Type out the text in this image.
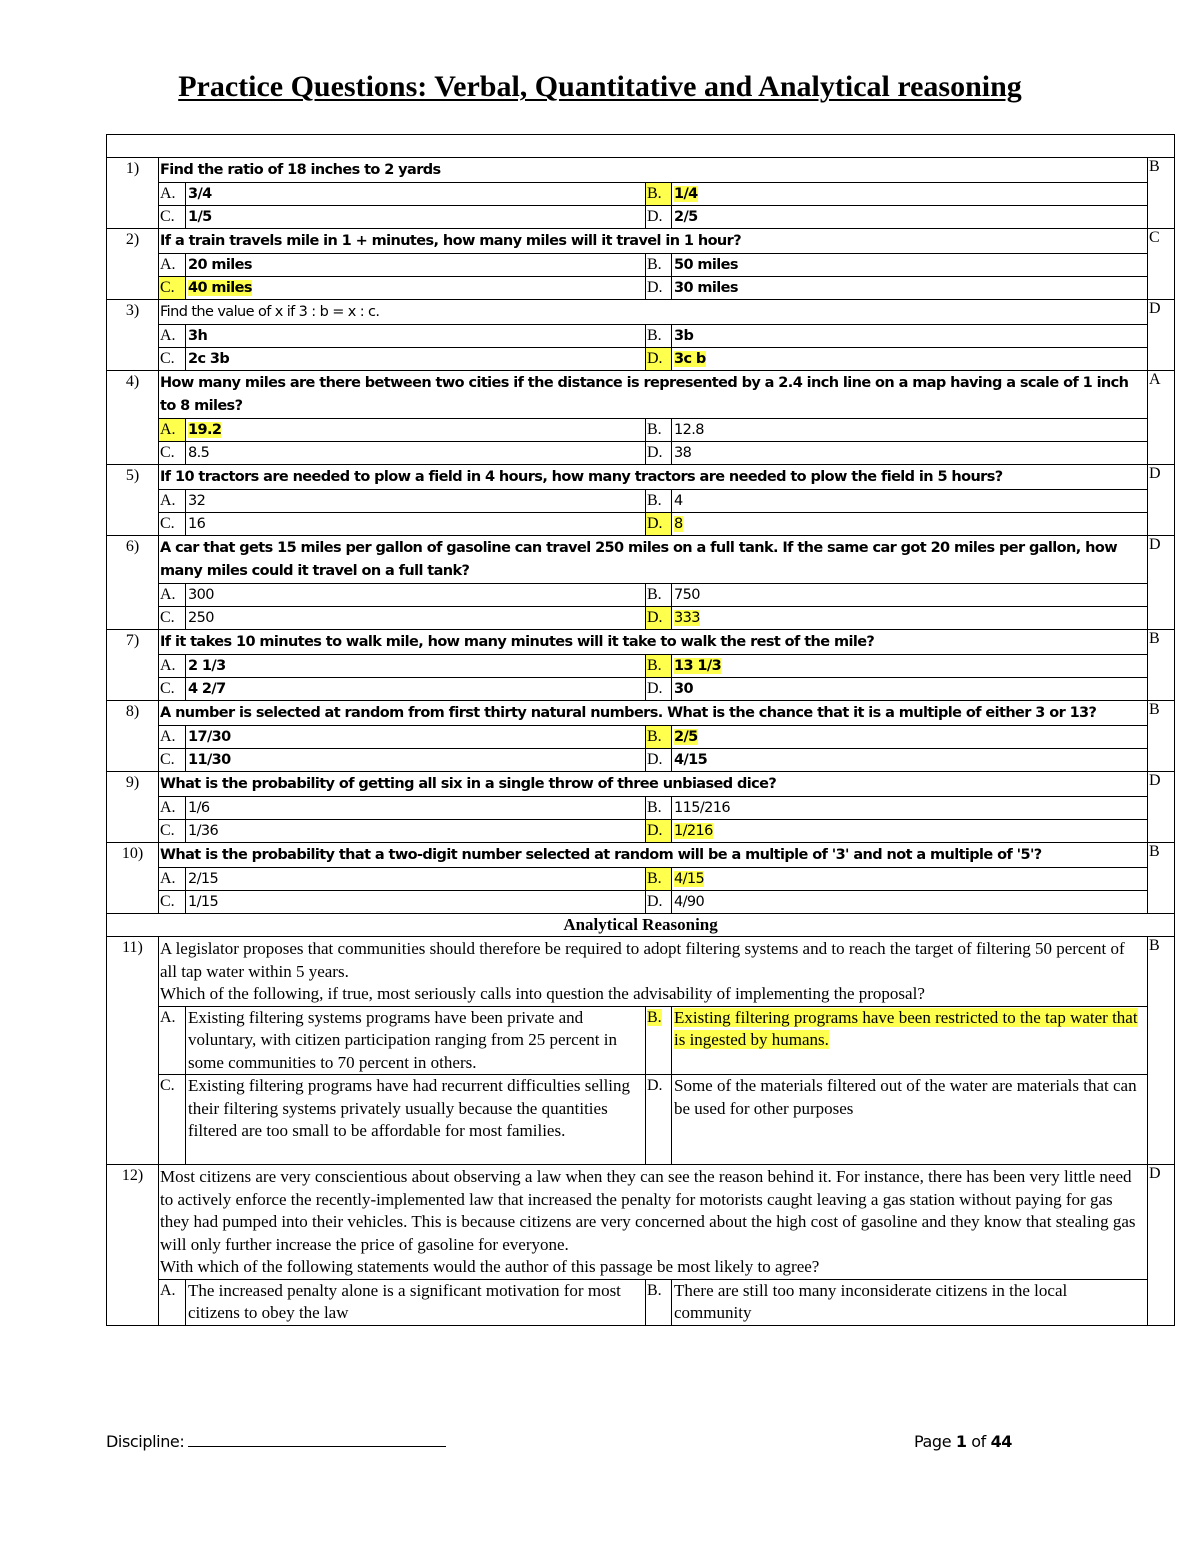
Practice Questions: Verbal, Quantitative and Analytical reasoning

1)	Find the ratio of 18 inches to 2 yards				B
	A.	3/4	B.	1/4	
	C.	1/5	D.	2/5	
2)	If a train travels mile in 1 + minutes, how many miles will it travel in 1 hour?				C
	A.	20 miles	B.	50 miles	
	C.	40 miles	D.	30 miles	
3)	Find the value of x if 3 : b = x : c.				D
	A.	3h	B.	3b	
	C.	2c 3b	D.	3c b	
4)	How many miles are there between two cities if the distance is represented by a 2.4 inch line on a map having a scale of 1 inch to 8 miles?				A
	A.	19.2	B.	12.8	
	C.	8.5	D.	38	
5)	If 10 tractors are needed to plow a field in 4 hours, how many tractors are needed to plow the field in 5 hours?				D
	A.	32	B.	4	
	C.	16	D.	8	
6)	A car that gets 15 miles per gallon of gasoline can travel 250 miles on a full tank. If the same car got 20 miles per gallon, how many miles could it travel on a full tank?				D
	A.	300	B.	750	
	C.	250	D.	333	
7)	If it takes 10 minutes to walk mile, how many minutes will it take to walk the rest of the mile?				B
	A.	2 1/3	B.	13 1/3	
	C.	4 2/7	D.	30	
8)	A number is selected at random from first thirty natural numbers. What is the chance that it is a multiple of either 3 or 13?				B
	A.	17/30	B.	2/5	
	C.	11/30	D.	4/15	
9)	What is the probability of getting all six in a single throw of three unbiased dice?				D
	A.	1/6	B.	115/216	
	C.	1/36	D.	1/216	
10)	What is the probability that a two-digit number selected at random will be a multiple of '3' and not a multiple of '5'?				B
	A.	2/15	B.	4/15	
	C.	1/15	D.	4/90	
Analytical Reasoning					
11)	A legislator proposes that communities should therefore be required to adopt filtering systems and to reach the target of filtering 50 percent of all tap water within 5 years.
Which of the following, if true, most seriously calls into question the advisability of implementing the proposal?				B
	A.	Existing filtering systems programs have been private and voluntary, with citizen participation ranging from 25 percent in some communities to 70 percent in others.	B.	Existing filtering programs have been restricted to the tap water that is ingested by humans.	
	C.	Existing filtering programs have had recurrent difficulties selling their filtering systems privately usually because the quantities filtered are too small to be affordable for most families.	D.	Some of the materials filtered out of the water are materials that can be used for other purposes	
12)	Most citizens are very conscientious about observing a law when they can see the reason behind it. For instance, there has been very little need to actively enforce the recently-implemented law that increased the penalty for motorists caught leaving a gas station without paying for gas they had pumped into their vehicles. This is because citizens are very concerned about the high cost of gasoline and they know that stealing gas will only further increase the price of gasoline for everyone.
With which of the following statements would the author of this passage be most likely to agree?				D
	A.	The increased penalty alone is a significant motivation for most citizens to obey the law	B.	There are still too many inconsiderate citizens in the local community	
Discipline:	Page 1 of 44
